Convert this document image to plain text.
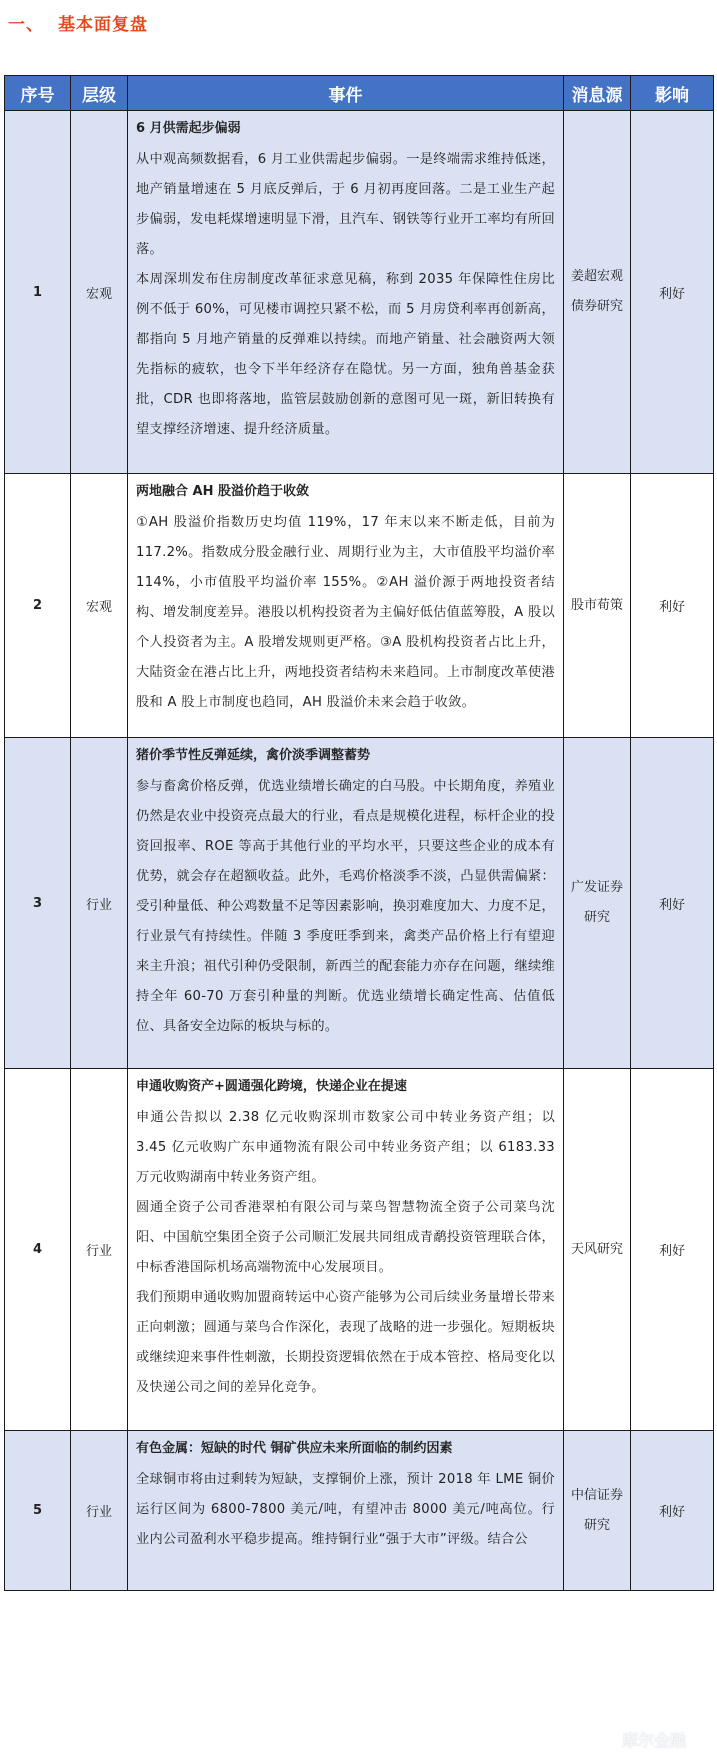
一、 基本面复盘
序号	层级	事件	消息源	影响
1	宏观	6 月供需起步偏弱
从中观高频数据看，6 月工业供需起步偏弱。一是终端需求维持低迷，地产销量增速在 5 月底反弹后，于 6 月初再度回落。二是工业生产起步偏弱，发电耗煤增速明显下滑，且汽车、钢铁等行业开工率均有所回落。
本周深圳发布住房制度改革征求意见稿，称到 2035 年保障性住房比例不低于 60%，可见楼市调控只紧不松，而 5 月房贷利率再创新高，都指向 5 月地产销量的反弹难以持续。而地产销量、社会融资两大领先指标的疲软，也令下半年经济存在隐忧。另一方面，独角兽基金获批，CDR 也即将落地，监管层鼓励创新的意图可见一斑，新旧转换有望支撑经济增速、提升经济质量。	姜超宏观债券研究	利好
2	宏观	两地融合 AH 股溢价趋于收敛
①AH 股溢价指数历史均值 119%，17 年末以来不断走低，目前为 117.2%。指数成分股金融行业、周期行业为主，大市值股平均溢价率 114%，小市值股平均溢价率 155%。②AH 溢价源于两地投资者结构、增发制度差异。港股以机构投资者为主偏好低估值蓝筹股，A 股以个人投资者为主。A 股增发规则更严格。③A 股机构投资者占比上升，大陆资金在港占比上升，两地投资者结构未来趋同。上市制度改革使港股和 A 股上市制度也趋同，AH 股溢价未来会趋于收敛。	股市荀策	利好
3	行业	猪价季节性反弹延续，禽价淡季调整蓄势
参与畜禽价格反弹，优选业绩增长确定的白马股。中长期角度，养殖业仍然是农业中投资亮点最大的行业，看点是规模化进程，标杆企业的投资回报率、ROE 等高于其他行业的平均水平，只要这些企业的成本有优势，就会存在超额收益。此外，毛鸡价格淡季不淡，凸显供需偏紧：受引种量低、种公鸡数量不足等因素影响，换羽难度加大、力度不足，行业景气有持续性。伴随 3 季度旺季到来，禽类产品价格上行有望迎来主升浪；祖代引种仍受限制，新西兰的配套能力亦存在问题，继续维持全年 60-70 万套引种量的判断。优选业绩增长确定性高、估值低位、具备安全边际的板块与标的。	广发证券研究	利好
4	行业	申通收购资产+圆通强化跨境，快递企业在提速
申通公告拟以 2.38 亿元收购深圳市数家公司中转业务资产组；以 3.45 亿元收购广东申通物流有限公司中转业务资产组；以 6183.33 万元收购湖南中转业务资产组。
圆通全资子公司香港翠柏有限公司与菜鸟智慧物流全资子公司菜鸟沈阳、中国航空集团全资子公司顺汇发展共同组成青鹬投资管理联合体，中标香港国际机场高端物流中心发展项目。
我们预期申通收购加盟商转运中心资产能够为公司后续业务量增长带来正向刺激；圆通与菜鸟合作深化，表现了战略的进一步强化。短期板块或继续迎来事件性刺激，长期投资逻辑依然在于成本管控、格局变化以及快递公司之间的差异化竞争。	天风研究	利好
5	行业	有色金属：短缺的时代 铜矿供应未来所面临的制约因素
全球铜市将由过剩转为短缺，支撑铜价上涨，预计 2018 年 LME 铜价运行区间为 6800-7800 美元/吨，有望冲击 8000 美元/吨高位。行业内公司盈利水平稳步提高。维持铜行业“强于大市”评级。结合公	中信证券研究	利好
摩尔金融
